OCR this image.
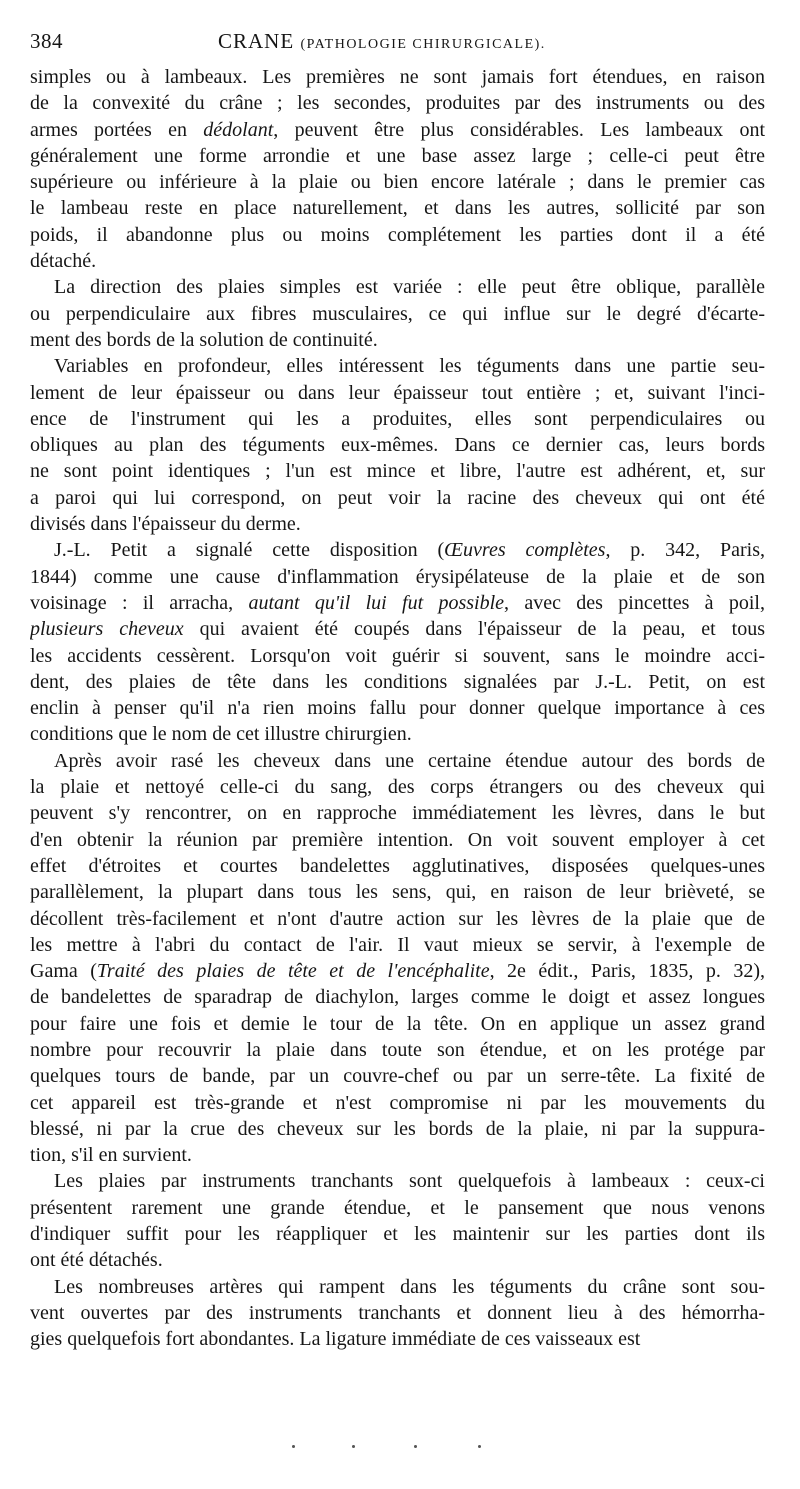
384	CRANE (PATHOLOGIE CHIRURGICALE).
simples ou à lambeaux. Les premières ne sont jamais fort étendues, en raison
de la convexité du crâne ; les secondes, produites par des instruments ou des
armes portées en dédolant, peuvent être plus considérables. Les lambeaux ont
généralement une forme arrondie et une base assez large ; celle-ci peut être
supérieure ou inférieure à la plaie ou bien encore latérale ; dans le premier cas
le lambeau reste en place naturellement, et dans les autres, sollicité par son
poids, il abandonne plus ou moins complétement les parties dont il a été
détaché.
La direction des plaies simples est variée : elle peut être oblique, parallèle
ou perpendiculaire aux fibres musculaires, ce qui influe sur le degré d'écarte-
ment des bords de la solution de continuité.
Variables en profondeur, elles intéressent les téguments dans une partie seu-
lement de leur épaisseur ou dans leur épaisseur tout entière ; et, suivant l'inci-
ence de l'instrument qui les a produites, elles sont perpendiculaires ou
obliques au plan des téguments eux-mêmes. Dans ce dernier cas, leurs bords
ne sont point identiques ; l'un est mince et libre, l'autre est adhérent, et, sur
a paroi qui lui correspond, on peut voir la racine des cheveux qui ont été
divisés dans l'épaisseur du derme.
J.-L. Petit a signalé cette disposition (Œuvres complètes, p. 342, Paris,
1844) comme une cause d'inflammation érysipélateuse de la plaie et de son
voisinage : il arracha, autant qu'il lui fut possible, avec des pincettes à poil,
plusieurs cheveux qui avaient été coupés dans l'épaisseur de la peau, et tous
les accidents cessèrent. Lorsqu'on voit guérir si souvent, sans le moindre acci-
dent, des plaies de tête dans les conditions signalées par J.-L. Petit, on est
enclin à penser qu'il n'a rien moins fallu pour donner quelque importance à ces
conditions que le nom de cet illustre chirurgien.
Après avoir rasé les cheveux dans une certaine étendue autour des bords de
la plaie et nettoyé celle-ci du sang, des corps étrangers ou des cheveux qui
peuvent s'y rencontrer, on en rapproche immédiatement les lèvres, dans le but
d'en obtenir la réunion par première intention. On voit souvent employer à cet
effet d'étroites et courtes bandelettes agglutinatives, disposées quelques-unes
parallèlement, la plupart dans tous les sens, qui, en raison de leur brièveté, se
décollent très-facilement et n'ont d'autre action sur les lèvres de la plaie que de
les mettre à l'abri du contact de l'air. Il vaut mieux se servir, à l'exemple de
Gama (Traité des plaies de tête et de l'encéphalite, 2e édit., Paris, 1835, p. 32),
de bandelettes de sparadrap de diachylon, larges comme le doigt et assez longues
pour faire une fois et demie le tour de la tête. On en applique un assez grand
nombre pour recouvrir la plaie dans toute son étendue, et on les protége par
quelques tours de bande, par un couvre-chef ou par un serre-tête. La fixité de
cet appareil est très-grande et n'est compromise ni par les mouvements du
blessé, ni par la crue des cheveux sur les bords de la plaie, ni par la suppura-
tion, s'il en survient.
Les plaies par instruments tranchants sont quelquefois à lambeaux : ceux-ci
présentent rarement une grande étendue, et le pansement que nous venons
d'indiquer suffit pour les réappliquer et les maintenir sur les parties dont ils
ont été détachés.
Les nombreuses artères qui rampent dans les téguments du crâne sont sou-
vent ouvertes par des instruments tranchants et donnent lieu à des hémorrha-
gies quelquefois fort abondantes. La ligature immédiate de ces vaisseaux est
